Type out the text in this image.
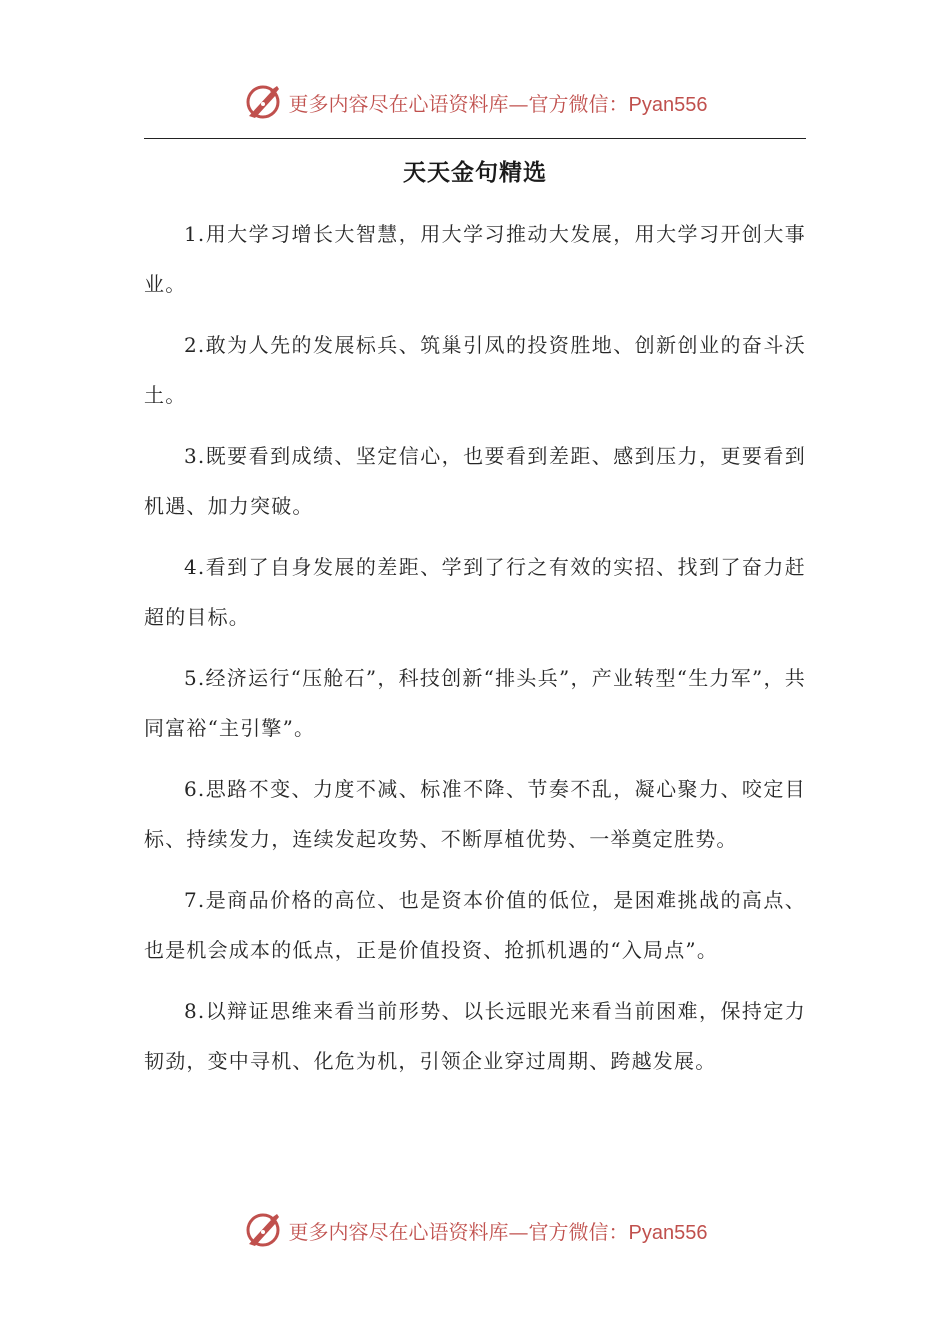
更多内容尽在心语资料库—官方微信：Pyan556
天天金句精选

1.用大学习增长大智慧，用大学习推动大发展，用大学习开创大事业。

2.敢为人先的发展标兵、筑巢引凤的投资胜地、创新创业的奋斗沃土。

3.既要看到成绩、坚定信心，也要看到差距、感到压力，更要看到机遇、加力突破。

4.看到了自身发展的差距、学到了行之有效的实招、找到了奋力赶超的目标。

5.经济运行“压舱石”，科技创新“排头兵”，产业转型“生力军”，共同富裕“主引擎”。

6.思路不变、力度不减、标准不降、节奏不乱，凝心聚力、咬定目标、持续发力，连续发起攻势、不断厚植优势、一举奠定胜势。

7.是商品价格的高位、也是资本价值的低位，是困难挑战的高点、也是机会成本的低点，正是价值投资、抢抓机遇的“入局点”。

8.以辩证思维来看当前形势、以长远眼光来看当前困难，保持定力韧劲，变中寻机、化危为机，引领企业穿过周期、跨越发展。

更多内容尽在心语资料库—官方微信：Pyan556
